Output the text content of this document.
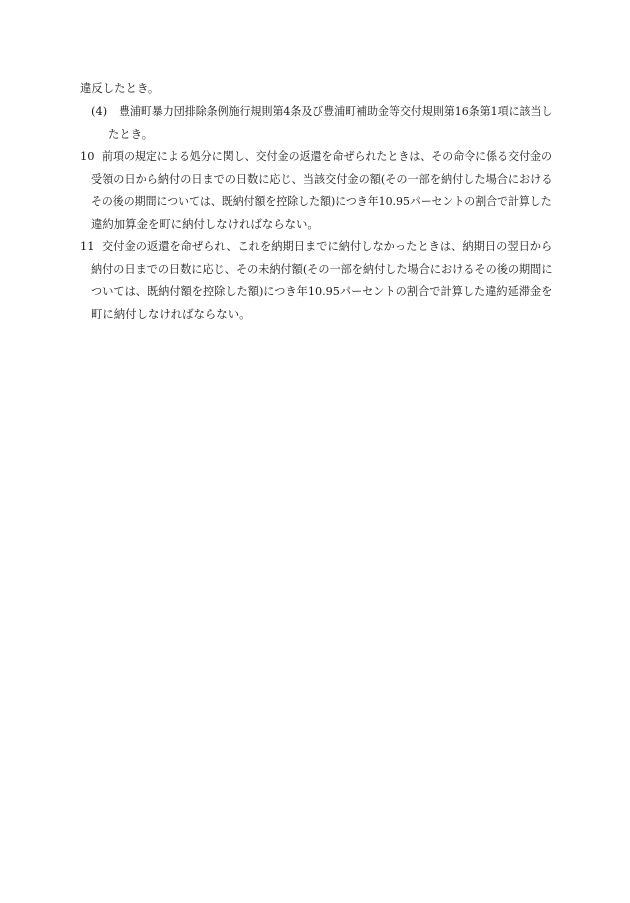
違反したとき。
(4) 豊浦町暴力団排除条例施行規則第4条及び豊浦町補助金等交付規則第16条第1項に該当し
たとき。
10 前項の規定による処分に関し、交付金の返還を命ぜられたときは、その命令に係る交付金の
受領の日から納付の日までの日数に応じ、当該交付金の額(その一部を納付した場合における
その後の期間については、既納付額を控除した額)につき年10.95パーセントの割合で計算した
違約加算金を町に納付しなければならない。
11 交付金の返還を命ぜられ、これを納期日までに納付しなかったときは、納期日の翌日から
納付の日までの日数に応じ、その未納付額(その一部を納付した場合におけるその後の期間に
ついては、既納付額を控除した額)につき年10.95パーセントの割合で計算した違約延滞金を
町に納付しなければならない。
